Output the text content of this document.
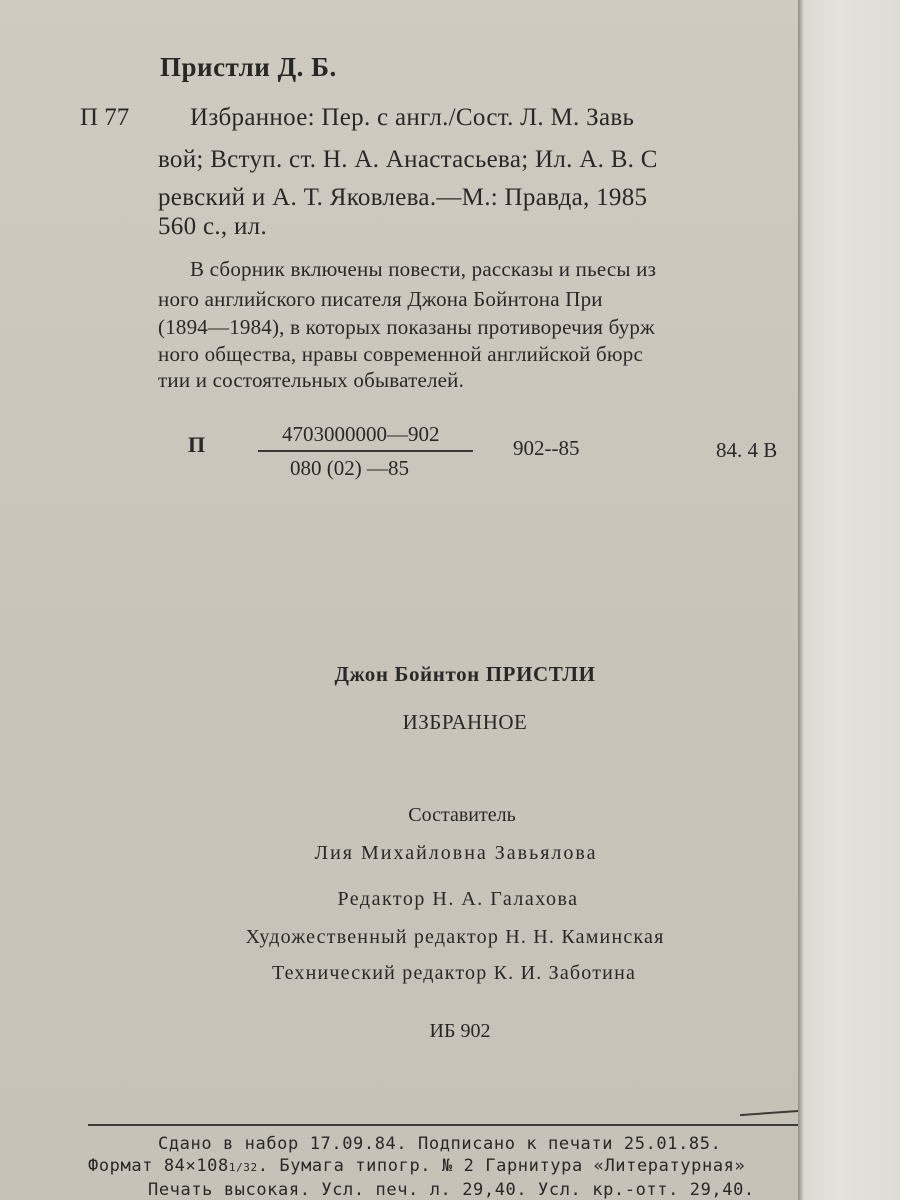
Пристли Д. Б.
П 77 Избранное: Пер. с англ./Сост. Л. М. Завь
вой; Вступ. ст. Н. А. Анастасьева; Ил. А. В. С
ревский и А. Т. Яковлева.—М.: Правда, 1985
560 с., ил.
В сборник включены повести, рассказы и пьесы из
ного английского писателя Джона Бойнтона При
(1894—1984), в которых показаны противоречия бурж
ного общества, нравы современной английской бюрс
тии и состоятельных обывателей.
П	4703000000—902
080 (02) —85
902--85	84. 4 В
Джон Бойнтон ПРИСТЛИ
ИЗБРАННОЕ
Составитель
Лия Михайловна Завьялова
Редактор Н. А. Галахова
Художественный редактор Н. Н. Каминская
Технический редактор К. И. Заботина
ИБ 902
Сдано в набор 17.09.84. Подписано к печати 25.01.85.
Формат 84×1081/32. Бумага типогр. № 2 Гарнитура «Литературная»
Печать высокая. Усл. печ. л. 29,40. Усл. кр.-отт. 29,40.
